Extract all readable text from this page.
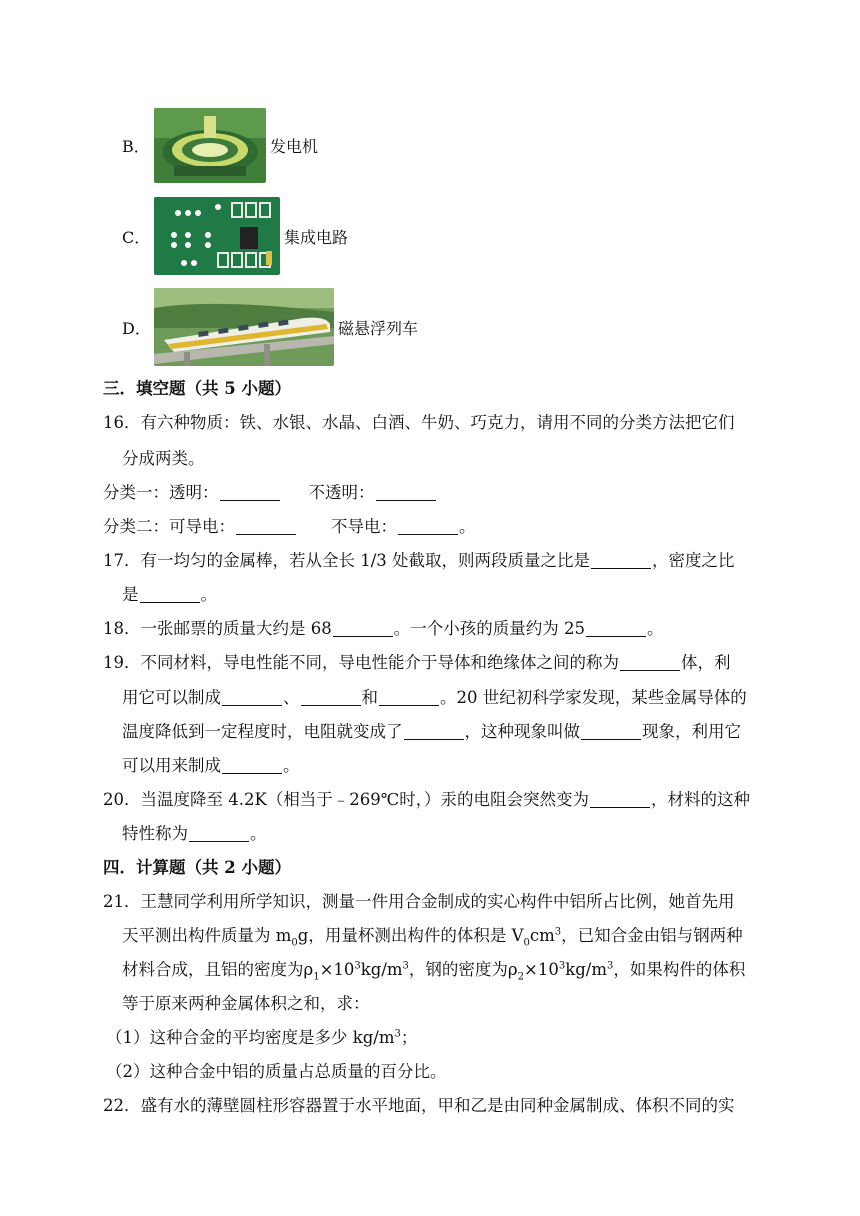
B．	发电机
C．	集成电路
D．	磁悬浮列车
三．填空题（共 5 小题）
16．有六种物质：铁、水银、水晶、白酒、牛奶、巧克力，请用不同的分类方法把它们
分成两类。
分类一：透明：	不透明：
分类二：可导电：	不导电：	。
17．有一均匀的金属棒，若从全长 1/3 处截取，则两段质量之比是	，密度之比
是	。
18．一张邮票的质量大约是 68	。一个小孩的质量约为 25	。
19．不同材料，导电性能不同，导电性能介于导体和绝缘体之间的称为	体，利
用它可以制成	、	和	。20 世纪初科学家发现，某些金属导体的
温度降低到一定程度时，电阻就变成了	，这种现象叫做	现象，利用它
可以用来制成	。
20．当温度降至 4.2K（相当于﹣269℃时，）汞的电阻会突然变为	，材料的这种
特性称为	。
四．计算题（共 2 小题）
21．王慧同学利用所学知识，测量一件用合金制成的实心构件中铝所占比例，她首先用
天平测出构件质量为 $m_0g$，用量杯测出构件的体积是 $V_0cm^3$，已知合金由铝与钢两种
材料合成，且铝的密度为$\rho_1\times 10^3kg/m^3$，钢的密度为$\rho_2\times 10^3kg/m^3$，如果构件的体积
等于原来两种金属体积之和，求：
（1）这种合金的平均密度是多少 $kg/m^3$；
（2）这种合金中铝的质量占总质量的百分比。
22．盛有水的薄壁圆柱形容器置于水平地面，甲和乙是由同种金属制成、体积不同的实
